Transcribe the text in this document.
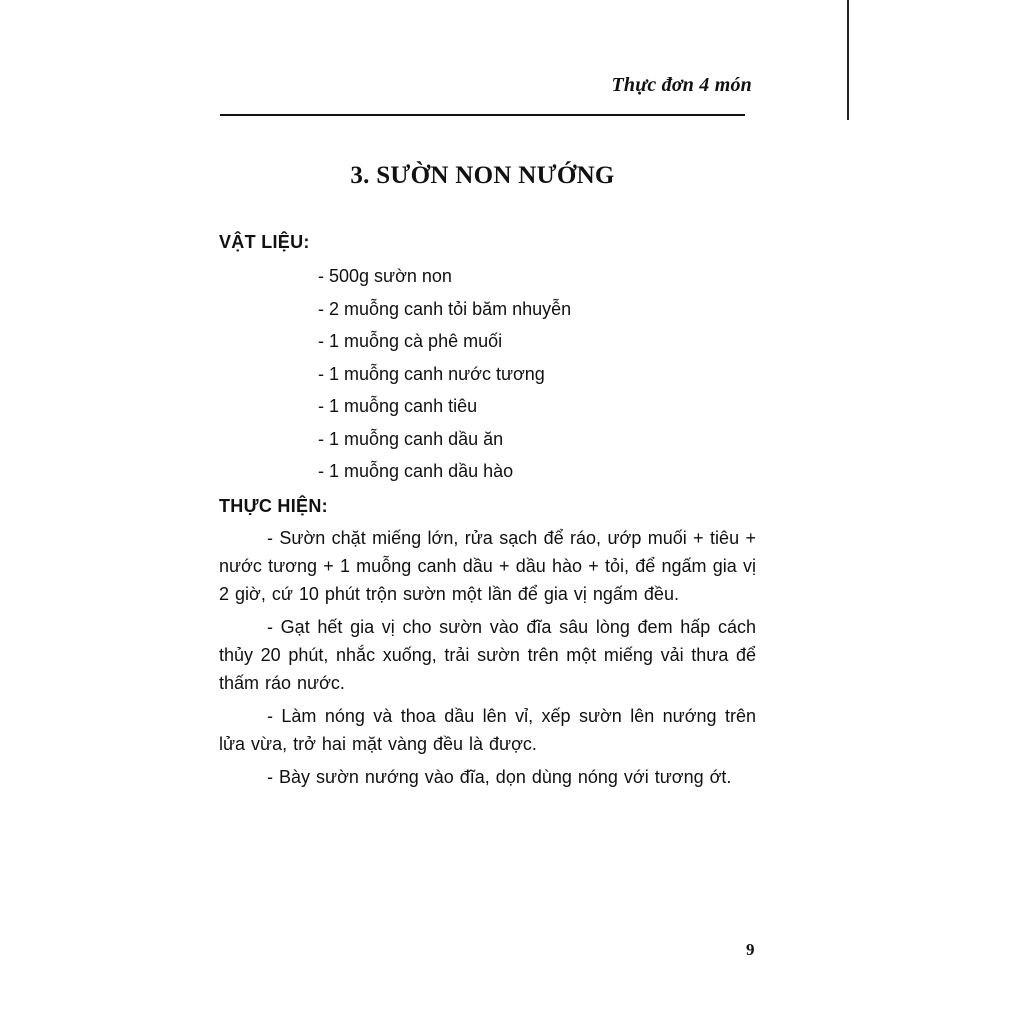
Thực đơn 4 món
3. SƯỜN NON NƯỚNG
VẬT LIỆU:
- 500g sườn non
- 2 muỗng canh tỏi băm nhuyễn
- 1 muỗng cà phê muối
- 1 muỗng canh nước tương
- 1 muỗng canh tiêu
- 1 muỗng canh dầu ăn
- 1 muỗng canh dầu hào
THỰC HIỆN:

- Sườn chặt miếng lớn, rửa sạch để ráo, ướp muối + tiêu + nước tương + 1 muỗng canh dầu + dầu hào + tỏi, để ngấm gia vị 2 giờ, cứ 10 phút trộn sườn một lần để gia vị ngấm đều.

- Gạt hết gia vị cho sườn vào đĩa sâu lòng đem hấp cách thủy 20 phút, nhắc xuống, trải sườn trên một miếng vải thưa để thấm ráo nước.

- Làm nóng và thoa dầu lên vỉ, xếp sườn lên nướng trên lửa vừa, trở hai mặt vàng đều là được.

- Bày sườn nướng vào đĩa, dọn dùng nóng với tương ớt.

9
